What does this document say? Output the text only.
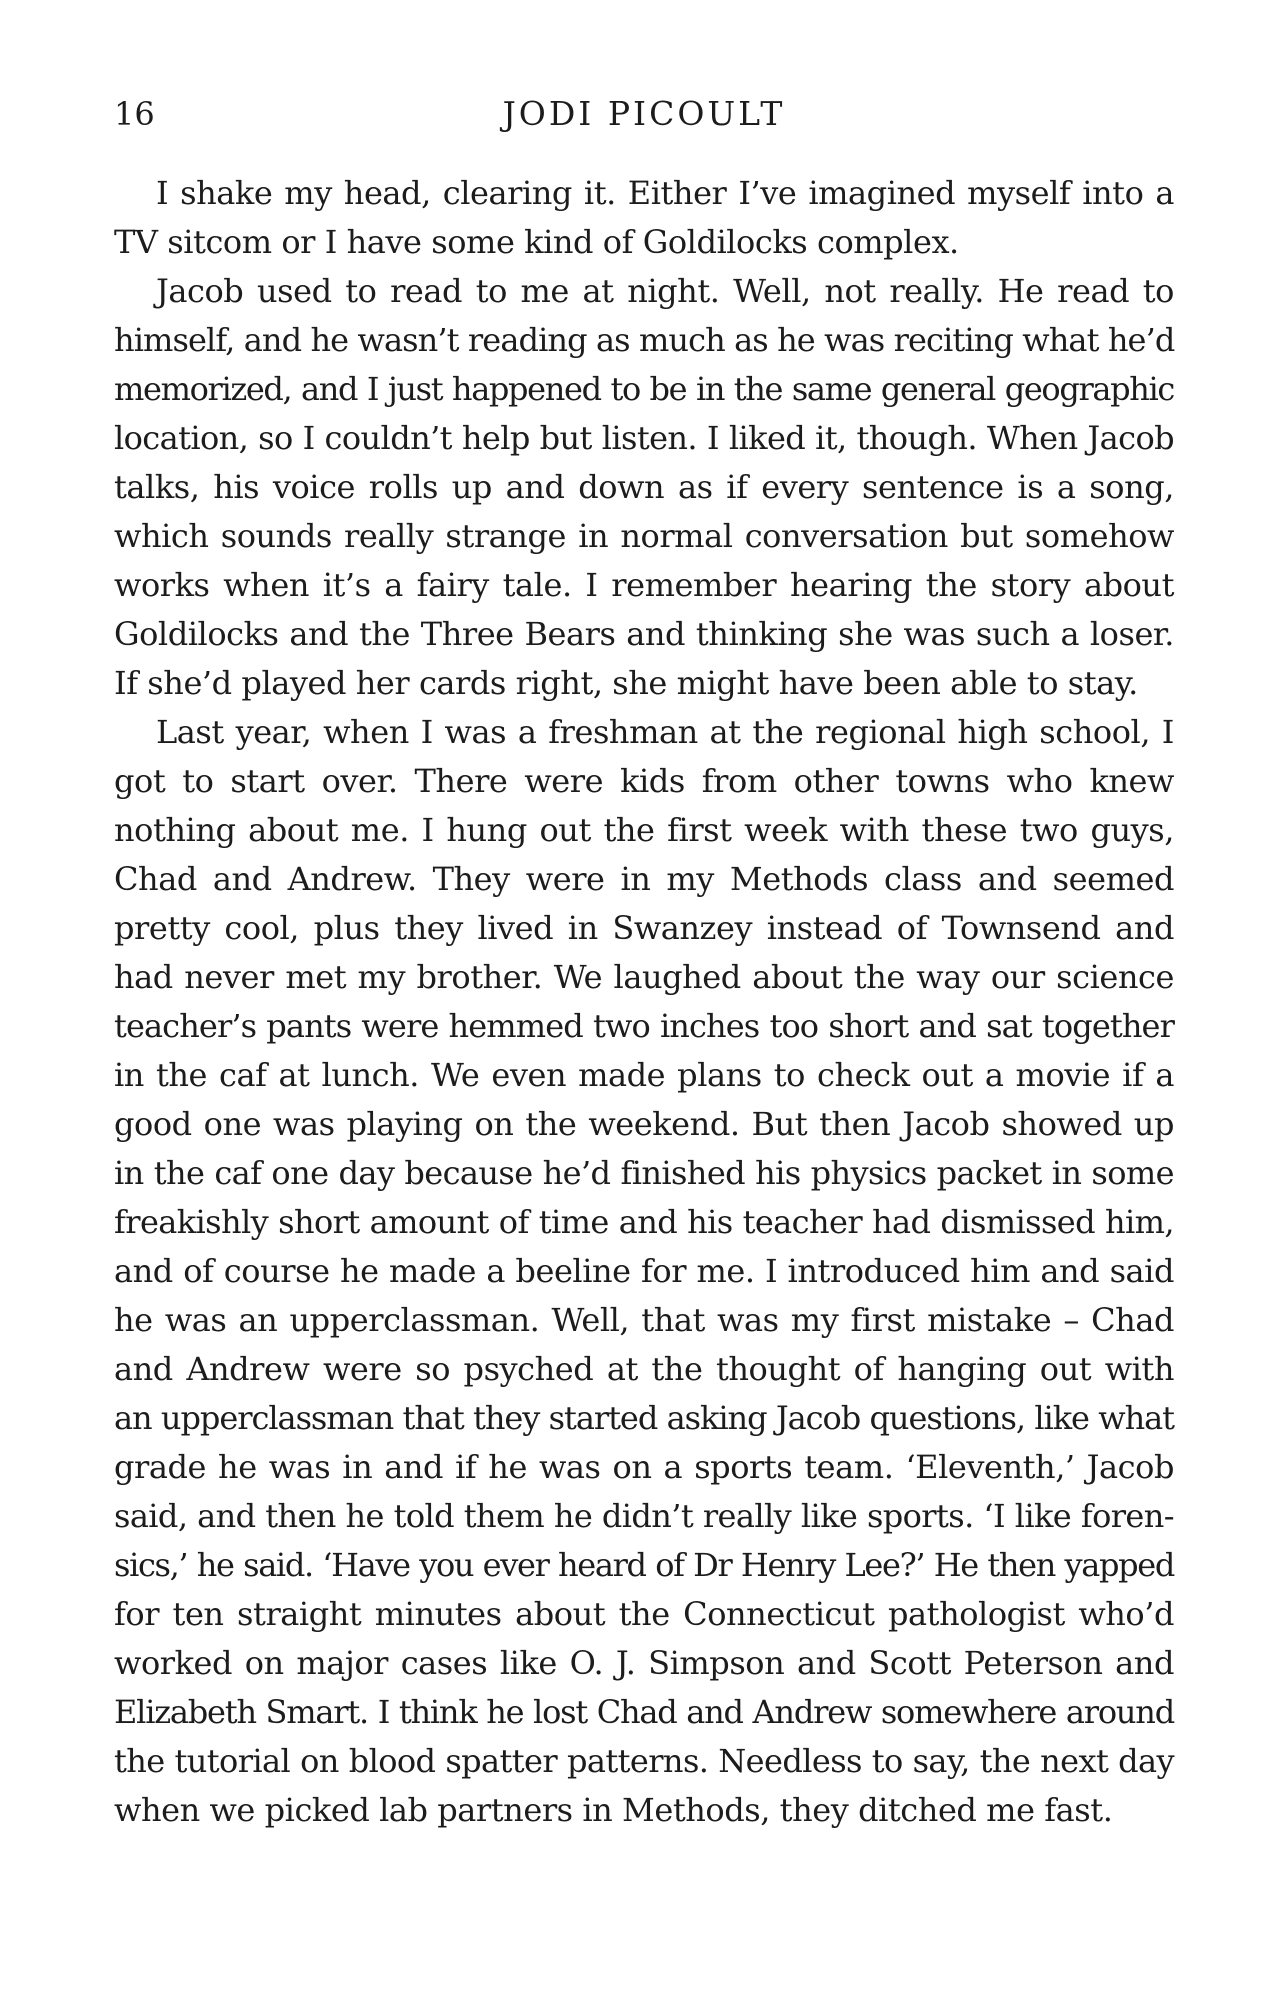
16	JODI PICOULT
I shake my head, clearing it. Either I’ve imagined myself into a
TV sitcom or I have some kind of Goldilocks complex.
Jacob used to read to me at night. Well, not really. He read to
himself, and he wasn’t reading as much as he was reciting what he’d
memorized, and I just happened to be in the same general geographic
location, so I couldn’t help but listen. I liked it, though. When Jacob
talks, his voice rolls up and down as if every sentence is a song,
which sounds really strange in normal conversation but somehow
works when it’s a fairy tale. I remember hearing the story about
Goldilocks and the Three Bears and thinking she was such a loser.
If she’d played her cards right, she might have been able to stay.
Last year, when I was a freshman at the regional high school, I
got to start over. There were kids from other towns who knew
nothing about me. I hung out the first week with these two guys,
Chad and Andrew. They were in my Methods class and seemed
pretty cool, plus they lived in Swanzey instead of Townsend and
had never met my brother. We laughed about the way our science
teacher’s pants were hemmed two inches too short and sat together
in the caf at lunch. We even made plans to check out a movie if a
good one was playing on the weekend. But then Jacob showed up
in the caf one day because he’d finished his physics packet in some
freakishly short amount of time and his teacher had dismissed him,
and of course he made a beeline for me. I introduced him and said
he was an upperclassman. Well, that was my first mistake – Chad
and Andrew were so psyched at the thought of hanging out with
an upperclassman that they started asking Jacob questions, like what
grade he was in and if he was on a sports team. ‘Eleventh,’ Jacob
said, and then he told them he didn’t really like sports. ‘I like foren-
sics,’ he said. ‘Have you ever heard of Dr Henry Lee?’ He then yapped
for ten straight minutes about the Connecticut pathologist who’d
worked on major cases like O. J. Simpson and Scott Peterson and
Elizabeth Smart. I think he lost Chad and Andrew somewhere around
the tutorial on blood spatter patterns. Needless to say, the next day
when we picked lab partners in Methods, they ditched me fast.
